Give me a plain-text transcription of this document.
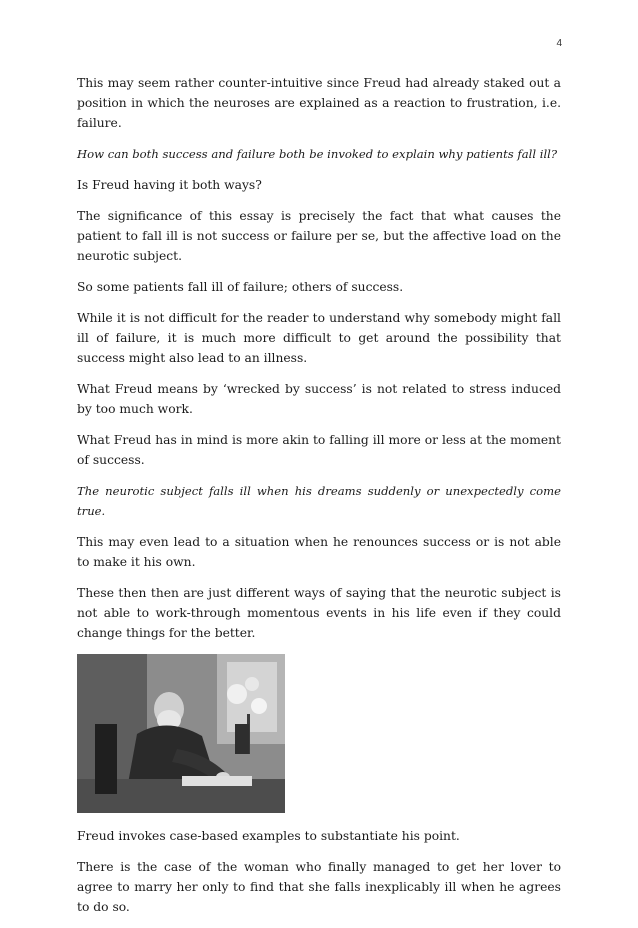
4

This may seem rather counter-intuitive since Freud had already staked out a position in which the neuroses are explained as a reaction to frustration, i.e. failure.

How can both success and failure both be invoked to explain why patients fall ill?

Is Freud having it both ways?

The significance of this essay is precisely the fact that what causes the patient to fall ill is not success or failure per se, but the affective load on the neurotic subject.

So some patients fall ill of failure; others of success.

While it is not difficult for the reader to understand why somebody might fall ill of failure, it is much more difficult to get around the possibility that success might also lead to an illness.

What Freud means by ‘wrecked by success’ is not related to stress induced by too much work.

What Freud has in mind is more akin to falling ill more or less at the moment of success.

The neurotic subject falls ill when his dreams suddenly or unexpectedly come true.

This may even lead to a situation when he renounces success or is not able to make it his own.

These then then are just different ways of saying that the neurotic subject is not able to work-through momentous events in his life even if they could change things for the better.

Freud invokes case-based examples to substantiate his point.

There is the case of the woman who finally managed to get her lover to agree to marry her only to find that she falls inexplicably ill when he agrees to do so.
